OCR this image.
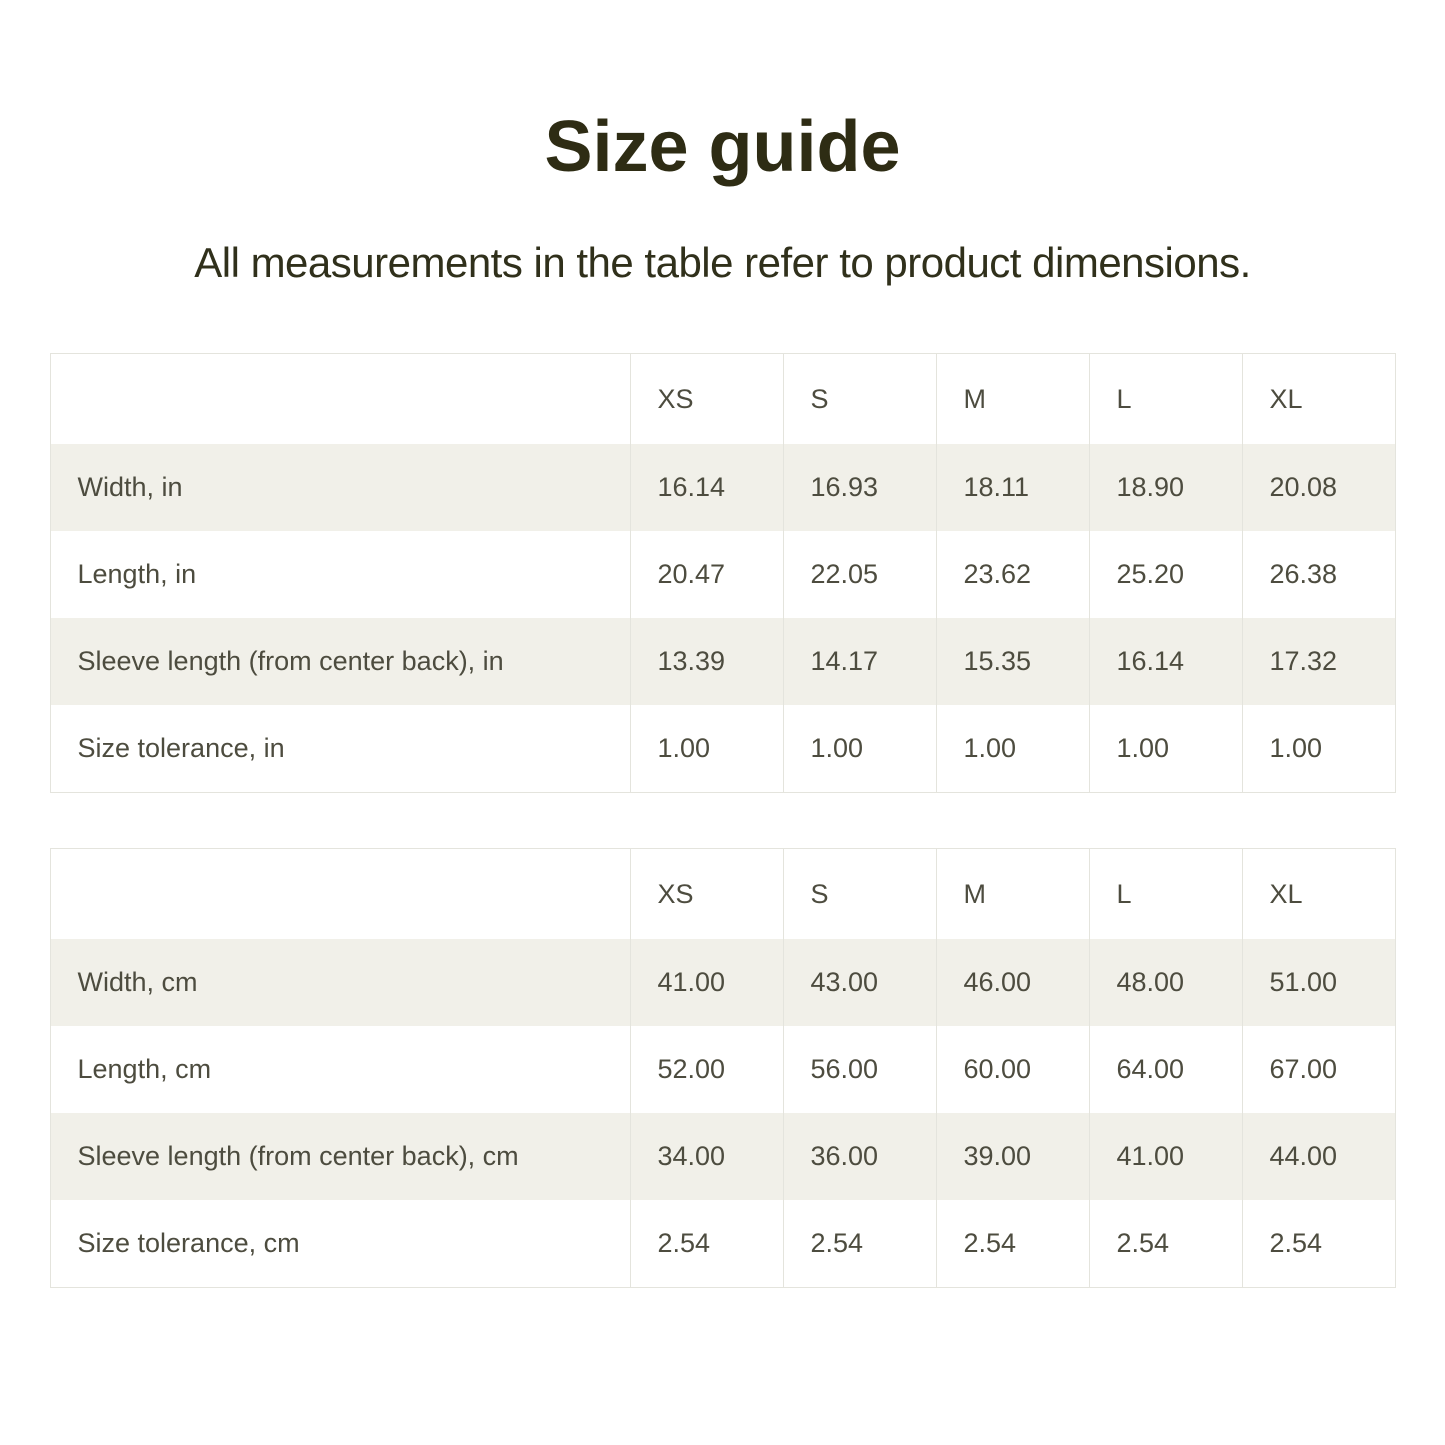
Size guide

All measurements in the table refer to product dimensions.

	XS	S	M	L	XL
Width, in	16.14	16.93	18.11	18.90	20.08
Length, in	20.47	22.05	23.62	25.20	26.38
Sleeve length (from center back), in	13.39	14.17	15.35	16.14	17.32
Size tolerance, in	1.00	1.00	1.00	1.00	1.00
	XS	S	M	L	XL
Width, cm	41.00	43.00	46.00	48.00	51.00
Length, cm	52.00	56.00	60.00	64.00	67.00
Sleeve length (from center back), cm	34.00	36.00	39.00	41.00	44.00
Size tolerance, cm	2.54	2.54	2.54	2.54	2.54
